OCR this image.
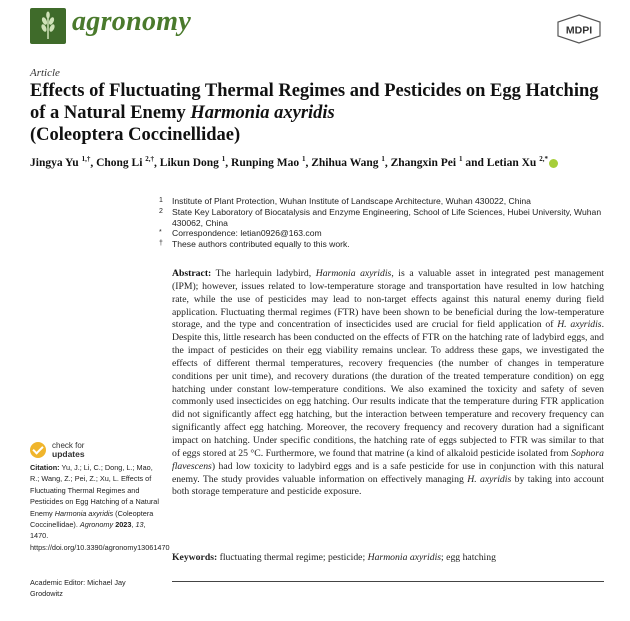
agronomy	MDPI
Article
Effects of Fluctuating Thermal Regimes and Pesticides on Egg Hatching of a Natural Enemy Harmonia axyridis
(Coleoptera Coccinellidae)
Jingya Yu $^{1,\dagger}$, Chong Li $^{2,\dagger}$, Likun Dong $^1$, Runping Mao $^1$, Zhihua Wang $^1$, Zhangxin Pei $^1$ and Letian Xu $^{2,*}$
1 Institute of Plant Protection, Wuhan Institute of Landscape Architecture, Wuhan 430022, China
2 State Key Laboratory of Biocatalysis and Enzyme Engineering, School of Life Sciences, Hubei University, Wuhan 430062, China
* Correspondence: letian0926@163.com
† These authors contributed equally to this work.
Abstract: The harlequin ladybird, Harmonia axyridis, is a valuable asset in integrated pest management (IPM); however, issues related to low-temperature storage and transportation have resulted in low hatching rate, while the use of pesticides may lead to non-target effects against this natural enemy during field application. Fluctuating thermal regimes (FTR) have been shown to be beneficial during the low-temperature storage, and the type and concentration of insecticides used are crucial for field application of H. axyridis. Despite this, little research has been conducted on the effects of FTR on the hatching rate of ladybird eggs, and the impact of pesticides on their egg viability remains unclear. To address these gaps, we investigated the effects of different thermal temperatures, recovery frequencies (the number of changes in temperature conditions per unit time), and recovery durations (the duration of the treated temperature condition) on egg hatching under constant low-temperature conditions. We also examined the toxicity and safety of seven commonly used insecticides on egg hatching. Our results indicate that the temperature during FTR application did not significantly affect egg hatching, but the interaction between temperature and recovery frequency can significantly affect egg hatching. Moreover, the recovery frequency and recovery duration had a significant impact on hatching. Under specific conditions, the hatching rate of eggs subjected to FTR was similar to that of eggs stored at 25 °C. Furthermore, we found that matrine (a kind of alkaloid pesticide isolated from Sophora flavescens) had low toxicity to ladybird eggs and is a safe pesticide for use in conjunction with this natural enemy. The study provides valuable information on effectively managing H. axyridis by taking into account both storage temperature and pesticide exposure.
Keywords: fluctuating thermal regime; pesticide; Harmonia axyridis; egg hatching
check for
updates
Citation: Yu, J.; Li, C.; Dong, L.; Mao, R.; Wang, Z.; Pei, Z.; Xu, L. Effects of Fluctuating Thermal Regimes and Pesticides on Egg Hatching of a Natural Enemy Harmonia axyridis (Coleoptera Coccinellidae). Agronomy 2023, 13, 1470. https://doi.org/10.3390/agronomy13061470
Academic Editor: Michael Jay Grodowitz
